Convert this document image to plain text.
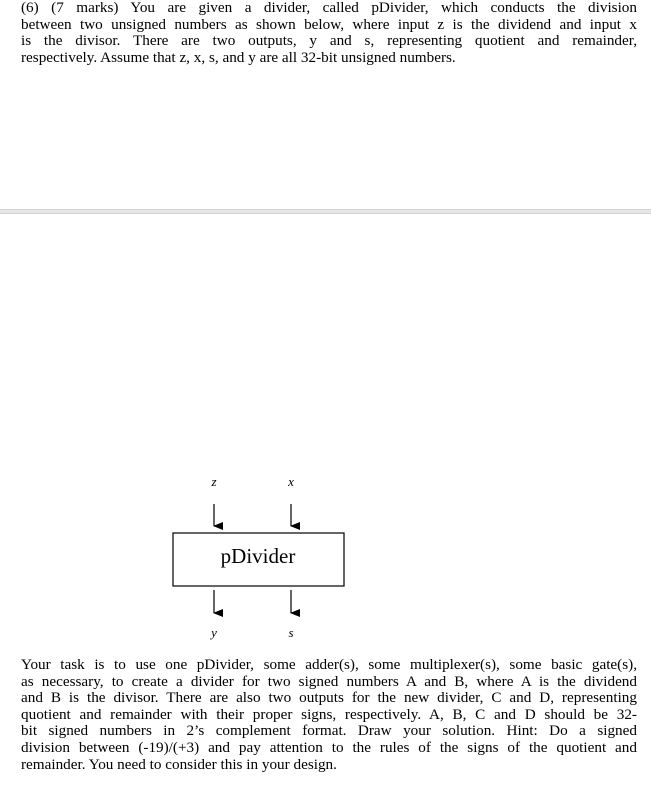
(6) (7 marks) You are given a divider, called pDivider, which conducts the division
between two unsigned numbers as shown below, where input z is the dividend and input x
is the divisor. There are two outputs, y and s, representing quotient and remainder,
respectively. Assume that z, x, s, and y are all 32-bit unsigned numbers.
z	x
pDivider
y	s
Your task is to use one pDivider, some adder(s), some multiplexer(s), some basic gate(s),
as necessary, to create a divider for two signed numbers A and B, where A is the dividend
and B is the divisor. There are also two outputs for the new divider, C and D, representing
quotient and remainder with their proper signs, respectively. A, B, C and D should be 32-
bit signed numbers in 2’s complement format. Draw your solution. Hint: Do a signed
division between (-19)/(+3) and pay attention to the rules of the signs of the quotient and
remainder. You need to consider this in your design.
